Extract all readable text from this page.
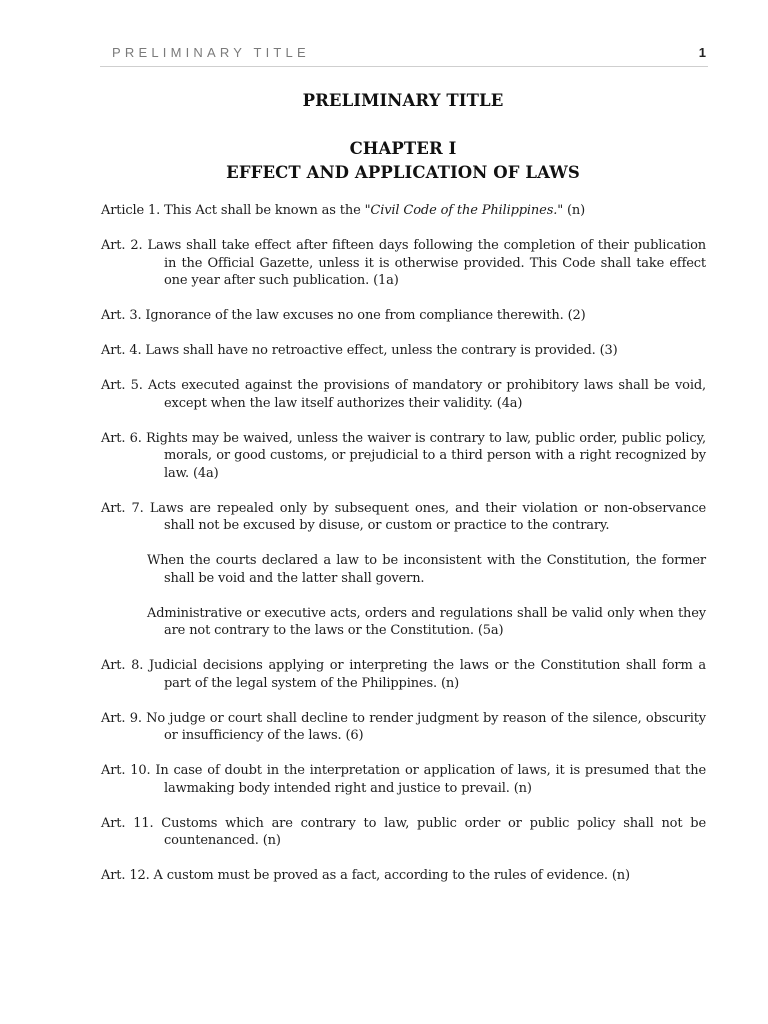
PRELIMINARY TITLE	1
PRELIMINARY TITLE
CHAPTER I
EFFECT AND APPLICATION OF LAWS

Article 1. This Act shall be known as the "Civil Code of the Philippines." (n)

Art. 2. Laws shall take effect after fifteen days following the completion of their publication in the Official Gazette, unless it is otherwise provided. This Code shall take effect one year after such publication. (1a)

Art. 3. Ignorance of the law excuses no one from compliance therewith. (2)

Art. 4. Laws shall have no retroactive effect, unless the contrary is provided. (3)

Art. 5. Acts executed against the provisions of mandatory or prohibitory laws shall be void, except when the law itself authorizes their validity. (4a)

Art. 6. Rights may be waived, unless the waiver is contrary to law, public order, public policy, morals, or good customs, or prejudicial to a third person with a right recognized by law. (4a)

Art. 7. Laws are repealed only by subsequent ones, and their violation or non-observance shall not be excused by disuse, or custom or practice to the contrary.

When the courts declared a law to be inconsistent with the Constitution, the former shall be void and the latter shall govern.

Administrative or executive acts, orders and regulations shall be valid only when they are not contrary to the laws or the Constitution. (5a)

Art. 8. Judicial decisions applying or interpreting the laws or the Constitution shall form a part of the legal system of the Philippines. (n)

Art. 9. No judge or court shall decline to render judgment by reason of the silence, obscurity or insufficiency of the laws. (6)

Art. 10. In case of doubt in the interpretation or application of laws, it is presumed that the lawmaking body intended right and justice to prevail. (n)

Art. 11. Customs which are contrary to law, public order or public policy shall not be countenanced. (n)

Art. 12. A custom must be proved as a fact, according to the rules of evidence. (n)
